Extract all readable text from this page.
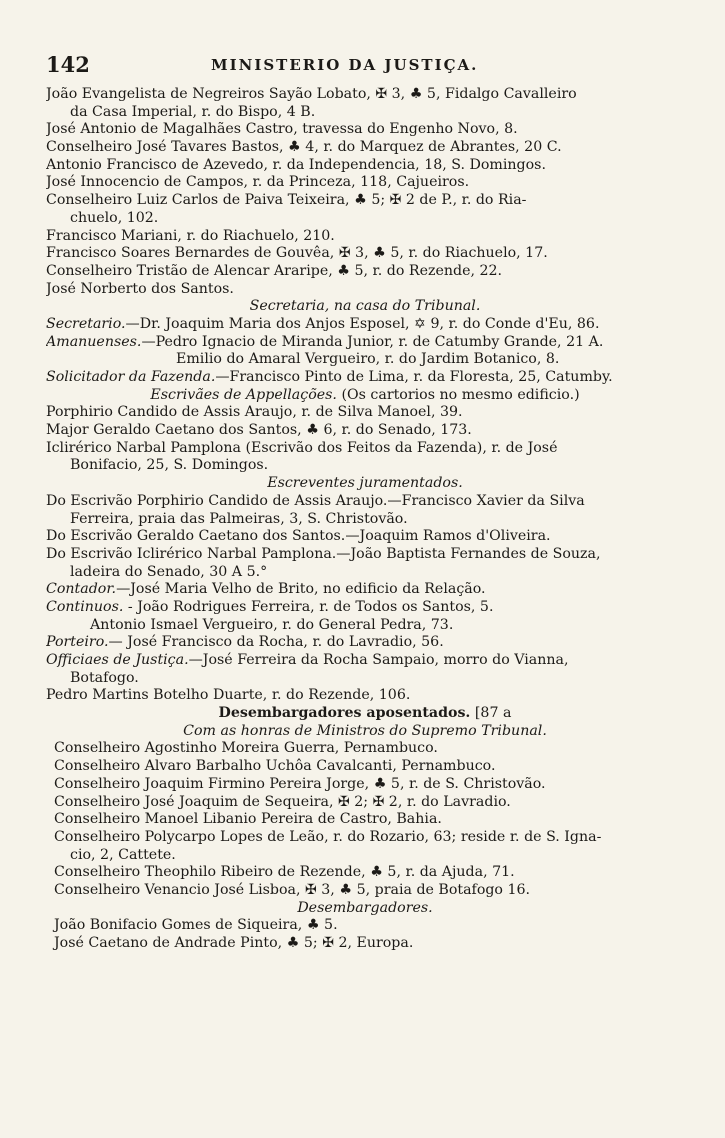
142	MINISTERIO DA JUSTIÇA.
João Evangelista de Negreiros Sayão Lobato, ✠ 3, ♣ 5, Fidalgo Cavalleiro
da Casa Imperial, r. do Bispo, 4 B.
José Antonio de Magalhães Castro, travessa do Engenho Novo, 8.
Conselheiro José Tavares Bastos, ♣ 4, r. do Marquez de Abrantes, 20 C.
Antonio Francisco de Azevedo, r. da Independencia, 18, S. Domingos.
José Innocencio de Campos, r. da Princeza, 118, Cajueiros.
Conselheiro Luiz Carlos de Paiva Teixeira, ♣ 5; ✠ 2 de P., r. do Ria-
chuelo, 102.
Francisco Mariani, r. do Riachuelo, 210.
Francisco Soares Bernardes de Gouvêa, ✠ 3, ♣ 5, r. do Riachuelo, 17.
Conselheiro Tristão de Alencar Araripe, ♣ 5, r. do Rezende, 22.
José Norberto dos Santos.
Secretaria, na casa do Tribunal.
Secretario.—Dr. Joaquim Maria dos Anjos Esposel, ✡ 9, r. do Conde d'Eu, 86.
Amanuenses.—Pedro Ignacio de Miranda Junior, r. de Catumby Grande, 21 A.
Emilio do Amaral Vergueiro, r. do Jardim Botanico, 8.
Solicitador da Fazenda.—Francisco Pinto de Lima, r. da Floresta, 25, Catumby.
Escrivães de Appellações. (Os cartorios no mesmo edificio.)
Porphirio Candido de Assis Araujo, r. de Silva Manoel, 39.
Major Geraldo Caetano dos Santos, ♣ 6, r. do Senado, 173.
Iclirérico Narbal Pamplona (Escrivão dos Feitos da Fazenda), r. de José
Bonifacio, 25, S. Domingos.
Escreventes juramentados.
Do Escrivão Porphirio Candido de Assis Araujo.—Francisco Xavier da Silva
Ferreira, praia das Palmeiras, 3, S. Christovão.
Do Escrivão Geraldo Caetano dos Santos.—Joaquim Ramos d'Oliveira.
Do Escrivão Iclirérico Narbal Pamplona.—João Baptista Fernandes de Souza,
ladeira do Senado, 30 A 5.°
Contador.—José Maria Velho de Brito, no edificio da Relação.
Continuos. - João Rodrigues Ferreira, r. de Todos os Santos, 5.
Antonio Ismael Vergueiro, r. do General Pedra, 73.
Porteiro.— José Francisco da Rocha, r. do Lavradio, 56.
Officiaes de Justiça.—José Ferreira da Rocha Sampaio, morro do Vianna,
Botafogo.
Pedro Martins Botelho Duarte, r. do Rezende, 106.
Desembargadores aposentados. [87 a
Com as honras de Ministros do Supremo Tribunal.
Conselheiro Agostinho Moreira Guerra, Pernambuco.
Conselheiro Alvaro Barbalho Uchôa Cavalcanti, Pernambuco.
Conselheiro Joaquim Firmino Pereira Jorge, ♣ 5, r. de S. Christovão.
Conselheiro José Joaquim de Sequeira, ✠ 2; ✠ 2, r. do Lavradio.
Conselheiro Manoel Libanio Pereira de Castro, Bahia.
Conselheiro Polycarpo Lopes de Leão, r. do Rozario, 63; reside r. de S. Igna-
cio, 2, Cattete.
Conselheiro Theophilo Ribeiro de Rezende, ♣ 5, r. da Ajuda, 71.
Conselheiro Venancio José Lisboa, ✠ 3, ♣ 5, praia de Botafogo 16.
Desembargadores.
João Bonifacio Gomes de Siqueira, ♣ 5.
José Caetano de Andrade Pinto, ♣ 5; ✠ 2, Europa.
